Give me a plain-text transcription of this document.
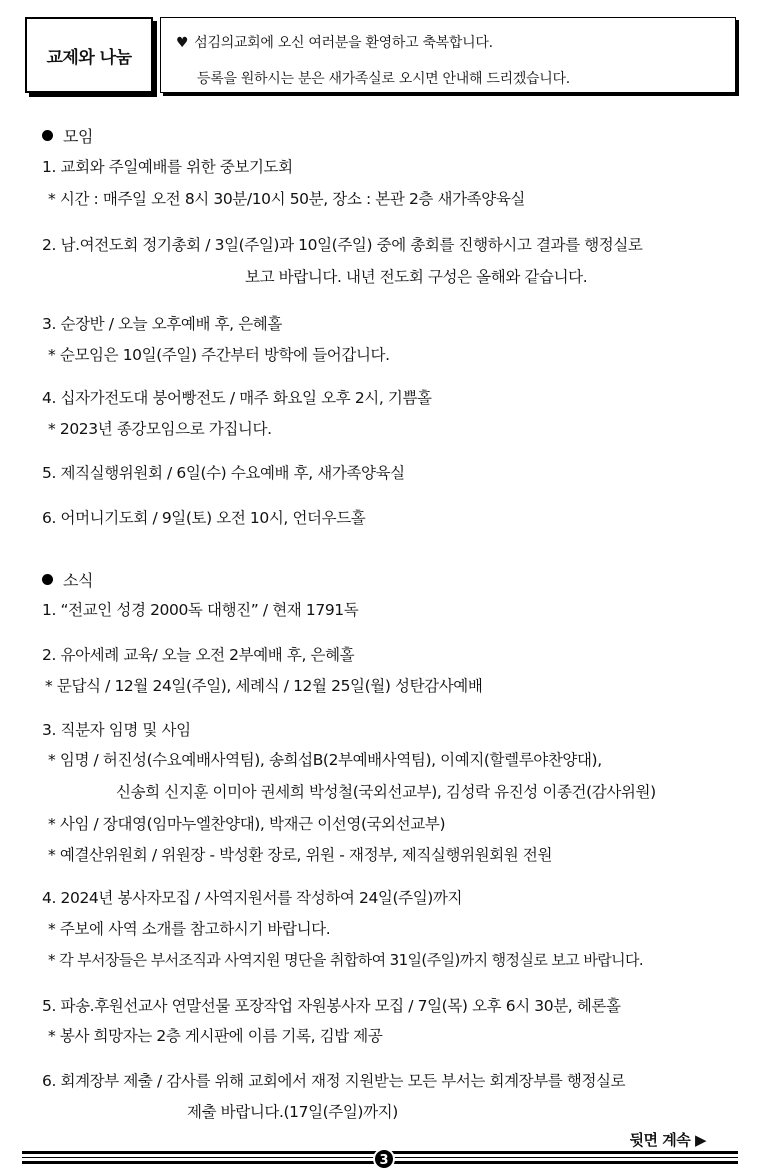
교제와 나눔
♥ 섬김의교회에 오신 여러분을 환영하고 축복합니다.
등록을 원하시는 분은 새가족실로 오시면 안내해 드리겠습니다.
모임
1. 교회와 주일예배를 위한 중보기도회
* 시간 : 매주일 오전 8시 30분/10시 50분, 장소 : 본관 2층 새가족양육실
2. 남.여전도회 정기총회 / 3일(주일)과 10일(주일) 중에 총회를 진행하시고 결과를 행정실로
보고 바랍니다. 내년 전도회 구성은 올해와 같습니다.
3. 순장반 / 오늘 오후예배 후, 은혜홀
* 순모임은 10일(주일) 주간부터 방학에 들어갑니다.
4. 십자가전도대 붕어빵전도 / 매주 화요일 오후 2시, 기쁨홀
* 2023년 종강모임으로 가집니다.
5. 제직실행위원회 / 6일(수) 수요예배 후, 새가족양육실
6. 어머니기도회 / 9일(토) 오전 10시, 언더우드홀
소식
1. “전교인 성경 2000독 대행진” / 현재 1791독
2. 유아세례 교육/ 오늘 오전 2부예배 후, 은혜홀
* 문답식 / 12월 24일(주일), 세례식 / 12월 25일(월) 성탄감사예배
3. 직분자 임명 및 사임
* 임명 / 허진성(수요예배사역팀), 송희섭B(2부예배사역팀), 이예지(할렐루야찬양대),
신송희 신지훈 이미아 권세희 박성철(국외선교부), 김성락 유진성 이종건(감사위원)
* 사임 / 장대영(임마누엘찬양대), 박재근 이선영(국외선교부)
* 예결산위원회 / 위원장 - 박성환 장로, 위원 - 재정부, 제직실행위원회원 전원
4. 2024년 봉사자모집 / 사역지원서를 작성하여 24일(주일)까지
* 주보에 사역 소개를 참고하시기 바랍니다.
* 각 부서장들은 부서조직과 사역지원 명단을 취합하여 31일(주일)까지 행정실로 보고 바랍니다.
5. 파송.후원선교사 연말선물 포장작업 자원봉사자 모집 / 7일(목) 오후 6시 30분, 헤론홀
* 봉사 희망자는 2층 게시판에 이름 기록, 김밥 제공
6. 회계장부 제출 / 감사를 위해 교회에서 재정 지원받는 모든 부서는 회계장부를 행정실로
제출 바랍니다.(17일(주일)까지)
뒷면 계속 ▶
3
